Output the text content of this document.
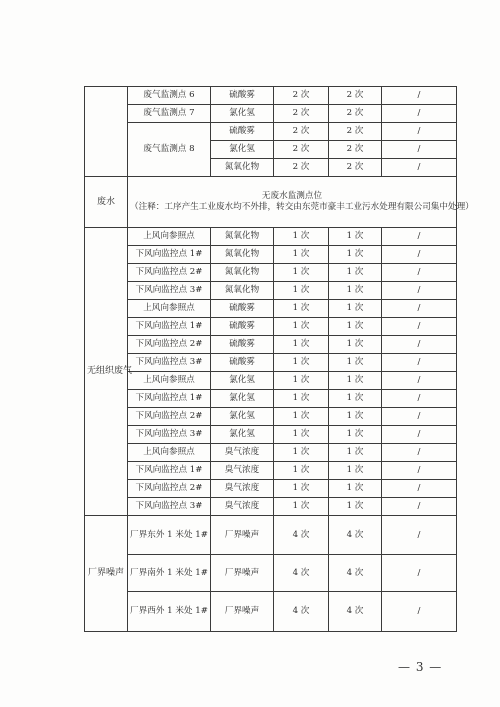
	废气监测点 6	硫酸雾	2 次	2 次	/
	废气监测点 7	氯化氢	2 次	2 次	/
	废气监测点 8	硫酸雾	2 次	2 次	/
		氯化氢	2 次	2 次	/
		氮氧化物	2 次	2 次	/
废水	无废水监测点位
（注释：工序产生工业废水均不外排，转交由东莞市豪丰工业污水处理有限公司集中处理）				

无组织废气	上风向参照点	氮氧化物	1 次	1 次	/
	下风向监控点 1#	氮氧化物	1 次	1 次	/
	下风向监控点 2#	氮氧化物	1 次	1 次	/
	下风向监控点 3#	氮氧化物	1 次	1 次	/
	上风向参照点	硫酸雾	1 次	1 次	/
	下风向监控点 1#	硫酸雾	1 次	1 次	/
	下风向监控点 2#	硫酸雾	1 次	1 次	/
	下风向监控点 3#	硫酸雾	1 次	1 次	/
	上风向参照点	氯化氢	1 次	1 次	/
	下风向监控点 1#	氯化氢	1 次	1 次	/
	下风向监控点 2#	氯化氢	1 次	1 次	/
	下风向监控点 3#	氯化氢	1 次	1 次	/
	上风向参照点	臭气浓度	1 次	1 次	/
	下风向监控点 1#	臭气浓度	1 次	1 次	/
	下风向监控点 2#	臭气浓度	1 次	1 次	/
	下风向监控点 3#	臭气浓度	1 次	1 次	/
厂界噪声	厂界东外 1 米处 1#	厂界噪声	4 次	4 次	/
	厂界南外 1 米处 1#	厂界噪声	4 次	4 次	/
	厂界西外 1 米处 1#	厂界噪声	4 次	4 次	/
— 3 —
